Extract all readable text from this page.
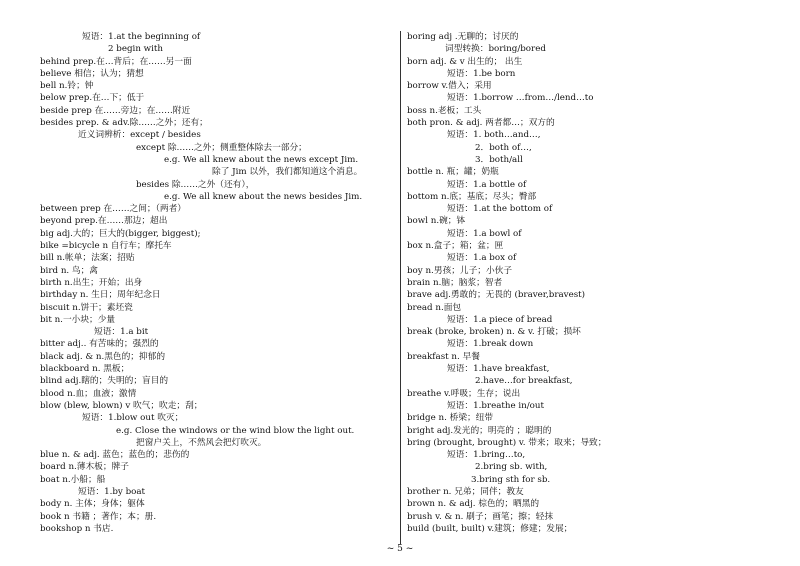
短语：1.at the beginning of
2 begin with
behind prep.在…背后；在……另一面
believe 相信；认为；猜想
bell n.铃；钟
below prep.在…下；低于
beside prep 在……旁边；在……附近
besides prep. & adv.除……之外；还有；
近义词辨析：except / besides
except 除……之外；侧重整体除去一部分；
e.g. We all knew about the news except Jim.
除了 Jim 以外，我们都知道这个消息。
besides 除……之外（还有），
e.g. We all knew about the news besides Jim.
between prep 在……之间；（两者）
beyond prep.在……那边；超出
big adj.大的；巨大的(bigger, biggest);
bike =bicycle n 自行车；摩托车
bill n.帐单；法案；招贴
bird n. 鸟；禽
birth n.出生；开始；出身
birthday n. 生日；周年纪念日
biscuit n.饼干；素坯瓷
bit n.一小块；少量
短语：1.a bit
bitter adj.. 有苦味的；强烈的
black adj. & n.黑色的；抑郁的
blackboard n. 黑板；
blind adj.瞎的；失明的；盲目的
blood n.血；血液；激情
blow (blew, blown) v 吹气；吹走；刮；
短语：1.blow out 吹灭；
e.g. Close the windows or the wind blow the light out.
把窗户关上，不然风会把灯吹灭。
blue n. & adj. 蓝色；蓝色的；悲伤的
board n.薄木板；牌子
boat n.小船；船
短语：1.by boat
body n. 主体；身体；躯体
book n 书籍 ；著作；本；册.
bookshop n 书店.
boring adj .无聊的；讨厌的
词型转换：boring/bored
born adj. & v 出生的； 出生
短语：1.be born
borrow v.借入；采用
短语：1.borrow …from…/lend…to
boss n.老板；工头
both pron. & adj. 两者都…；双方的
短语：1. both…and…,
2．both of…,
3．both/all
bottle n. 瓶；罐；奶瓶
短语：1.a bottle of
bottom n.底；基底；尽头；臀部
短语：1.at the bottom of
bowl n.碗；钵
短语：1.a bowl of
box n.盒子；箱；盆；匣
短语：1.a box of
boy n.男孩；儿子；小伙子
brain n.脑；脑浆；智者
brave adj.勇敢的；无畏的 (braver,bravest)
bread n.面包
短语：1.a piece of bread
break (broke, broken) n. & v. 打破；损坏
短语：1.break down
breakfast n. 早餐
短语：1.have breakfast,
2.have…for breakfast,
breathe v.呼吸；生存；说出
短语：1.breathe in/out
bridge n. 桥梁；纽带
bright adj.发光的；明亮的 ；聪明的
bring (brought, brought) v. 带来；取来；导致；
短语：1.bring…to,
2.bring sb. with,
3.bring sth for sb.
brother n. 兄弟；同伴；教友
brown n. & adj. 棕色的；晒黑的
brush v. & n. 刷子；画笔；擦；轻抹
build (built, built) v.建筑；修建；发展；
~ 5 ~
